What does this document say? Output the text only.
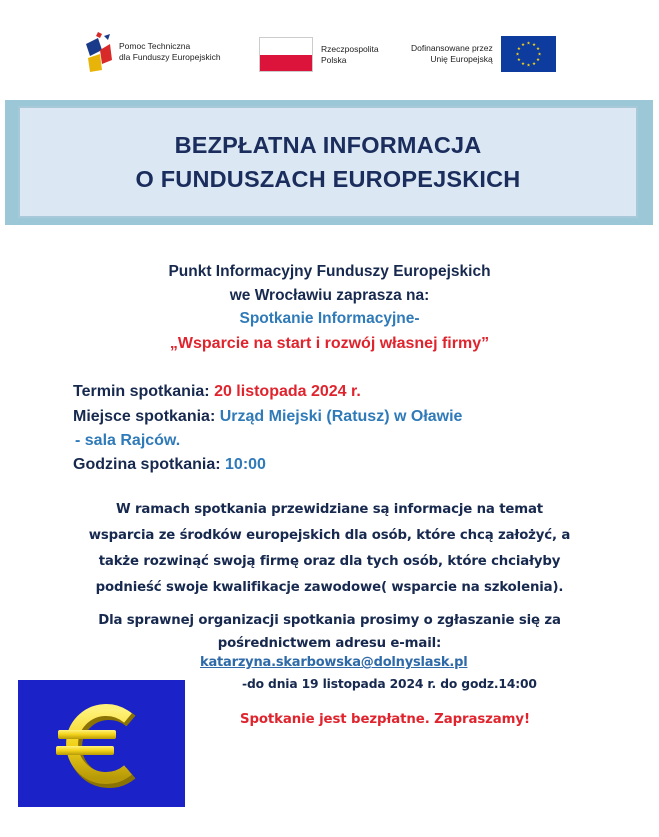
Pomoc Techniczna
dla Funduszy Europejskich
Rzeczpospolita
Polska
Dofinansowane przez
Unię Europejską	★
★
★
★
★
★
★
★
★ ★ ★
★
BEZPŁATNA INFORMACJA
O FUNDUSZACH EUROPEJSKICH
Punkt Informacyjny Funduszy Europejskich
we Wrocławiu zaprasza na:
Spotkanie Informacyjne-
„Wsparcie na start i rozwój własnej firmy”
Termin spotkania: 20 listopada 2024 r.
Miejsce spotkania: Urząd Miejski (Ratusz) w Oławie
- sala Rajców.
Godzina spotkania: 10:00
W ramach spotkania przewidziane są informacje na temat
wsparcia ze środków europejskich dla osób, które chcą założyć, a
także rozwinąć swoją firmę oraz dla tych osób, które chciałyby
podnieść swoje kwalifikacje zawodowe( wsparcie na szkolenia).
Dla sprawnej organizacji spotkania prosimy o zgłaszanie się za
pośrednictwem adresu e-mail:
katarzyna.skarbowska@dolnyslask.pl
-do dnia 19 listopada 2024 r. do godz.14:00
Spotkanie jest bezpłatne. Zapraszamy!
